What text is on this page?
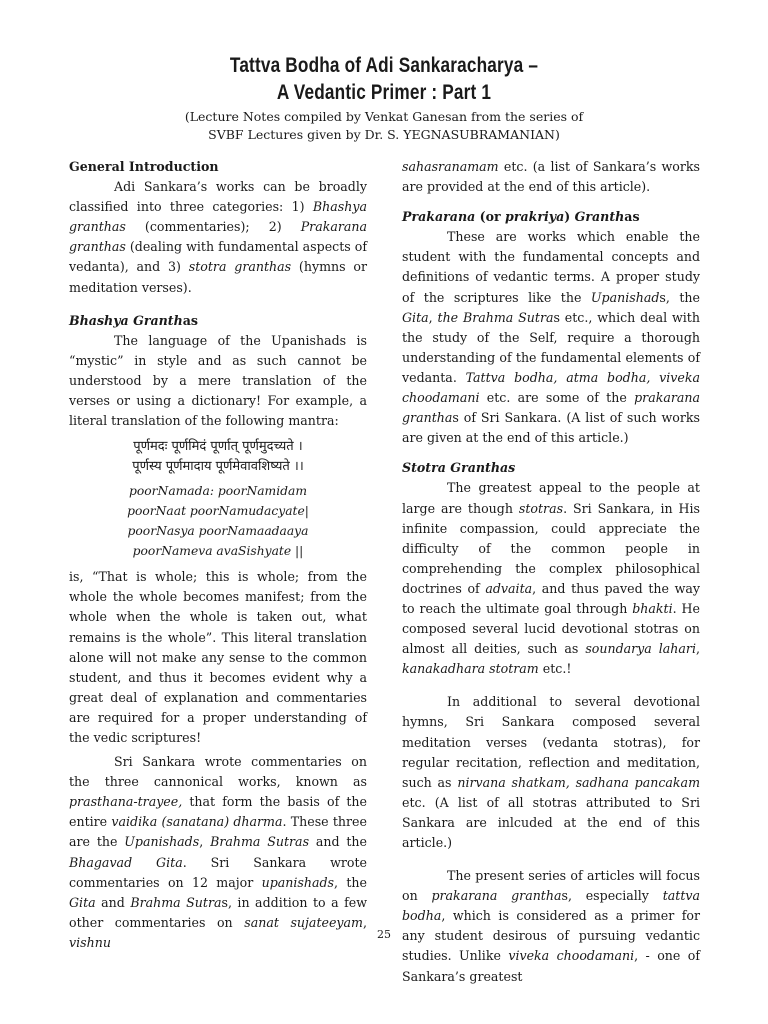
Tattva Bodha of Adi Sankaracharya –
A Vedantic Primer : Part 1
(Lecture Notes compiled by Venkat Ganesan from the series of
SVBF Lectures given by Dr. S. YEGNASUBRAMANIAN)

General Introduction

Adi Sankara’s works can be broadly classified into three categories: 1) Bhashya granthas (commentaries); 2) Prakarana granthas (dealing with fundamental aspects of vedanta), and 3) stotra granthas (hymns or meditation verses).

Bhashya Granthas

The language of the Upanishads is “mystic” in style and as such cannot be understood by a mere translation of the verses or using a dictionary! For example, a literal translation of the following mantra:

पूर्णमदः पूर्णमिदं पूर्णात् पूर्णमुदच्यते ।
पूर्णस्य पूर्णमादाय पूर्णमेवावशिष्यते ।।
poorNamada: poorNamidam
poorNaat poorNamudacyate|
poorNasya poorNamaadaaya
poorNameva avaSishyate ||

is, “That is whole; this is whole; from the whole the whole becomes manifest; from the whole when the whole is taken out, what remains is the whole”. This literal translation alone will not make any sense to the common student, and thus it becomes evident why a great deal of explanation and commentaries are required for a proper understanding of the vedic scriptures!

Sri Sankara wrote commentaries on the three cannonical works, known as prasthana-trayee, that form the basis of the entire vaidika (sanatana) dharma. These three are the Upanishads, Brahma Sutras and the Bhagavad Gita. Sri Sankara wrote commentaries on 12 major upanishads, the Gita and Brahma Sutras, in addition to a few other commentaries on sanat sujateeyam, vishnu

sahasranamam etc. (a list of Sankara’s works are provided at the end of this article).

Prakarana (or prakriya) Granthas

These are works which enable the student with the fundamental concepts and definitions of vedantic terms. A proper study of the scriptures like the Upanishads, the Gita, the Brahma Sutras etc., which deal with the study of the Self, require a thorough understanding of the fundamental elements of vedanta. Tattva bodha, atma bodha, viveka choodamani etc. are some of the prakarana granthas of Sri Sankara. (A list of such works are given at the end of this article.)

Stotra Granthas

The greatest appeal to the people at large are though stotras. Sri Sankara, in His infinite compassion, could appreciate the difficulty of the common people in comprehending the complex philosophical doctrines of advaita, and thus paved the way to reach the ultimate goal through bhakti. He composed several lucid devotional stotras on almost all deities, such as soundarya lahari, kanakadhara stotram etc.!

In additional to several devotional hymns, Sri Sankara composed several meditation verses (vedanta stotras), for regular recitation, reflection and meditation, such as nirvana shatkam, sadhana pancakam etc. (A list of all stotras attributed to Sri Sankara are inlcuded at the end of this article.)

The present series of articles will focus on prakarana granthas, especially tattva bodha, which is considered as a primer for any student desirous of pursuing vedantic studies. Unlike viveka choodamani, - one of Sankara’s greatest

25
